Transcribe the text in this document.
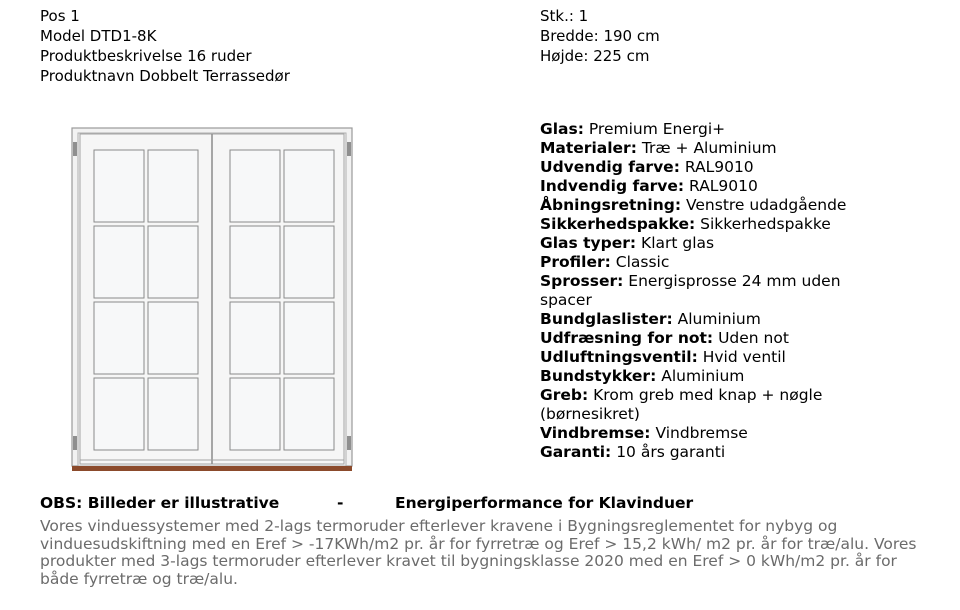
Pos 1
Model DTD1-8K
Produktbeskrivelse 16 ruder
Produktnavn Dobbelt Terrassedør
Stk.: 1
Bredde: 190 cm
Højde: 225 cm
Glas: Premium Energi+
Materialer: Træ + Aluminium
Udvendig farve: RAL9010
Indvendig farve: RAL9010
Åbningsretning: Venstre udadgående
Sikkerhedspakke: Sikkerhedspakke
Glas typer: Klart glas
Profiler: Classic
Sprosser: Energisprosse 24 mm uden spacer
Bundglaslister: Aluminium
Udfræsning for not: Uden not
Udluftningsventil: Hvid ventil
Bundstykker: Aluminium
Greb: Krom greb med knap + nøgle (børnesikret)
Vindbremse: Vindbremse
Garanti: 10 års garanti
OBS: Billeder er illustrative	-	Energiperformance for Klavinduer
Vores vinduessystemer med 2-lags termoruder efterlever kravene i Bygningsreglementet for nybyg og vinduesudskiftning med en Eref > -17KWh/m2 pr. år for fyrretræ og Eref > 15,2 kWh/ m2 pr. år for træ/alu. Vores produkter med 3-lags termoruder efterlever kravet til bygningsklasse 2020 med en Eref > 0 kWh/m2 pr. år for både fyrretræ og træ/alu.
